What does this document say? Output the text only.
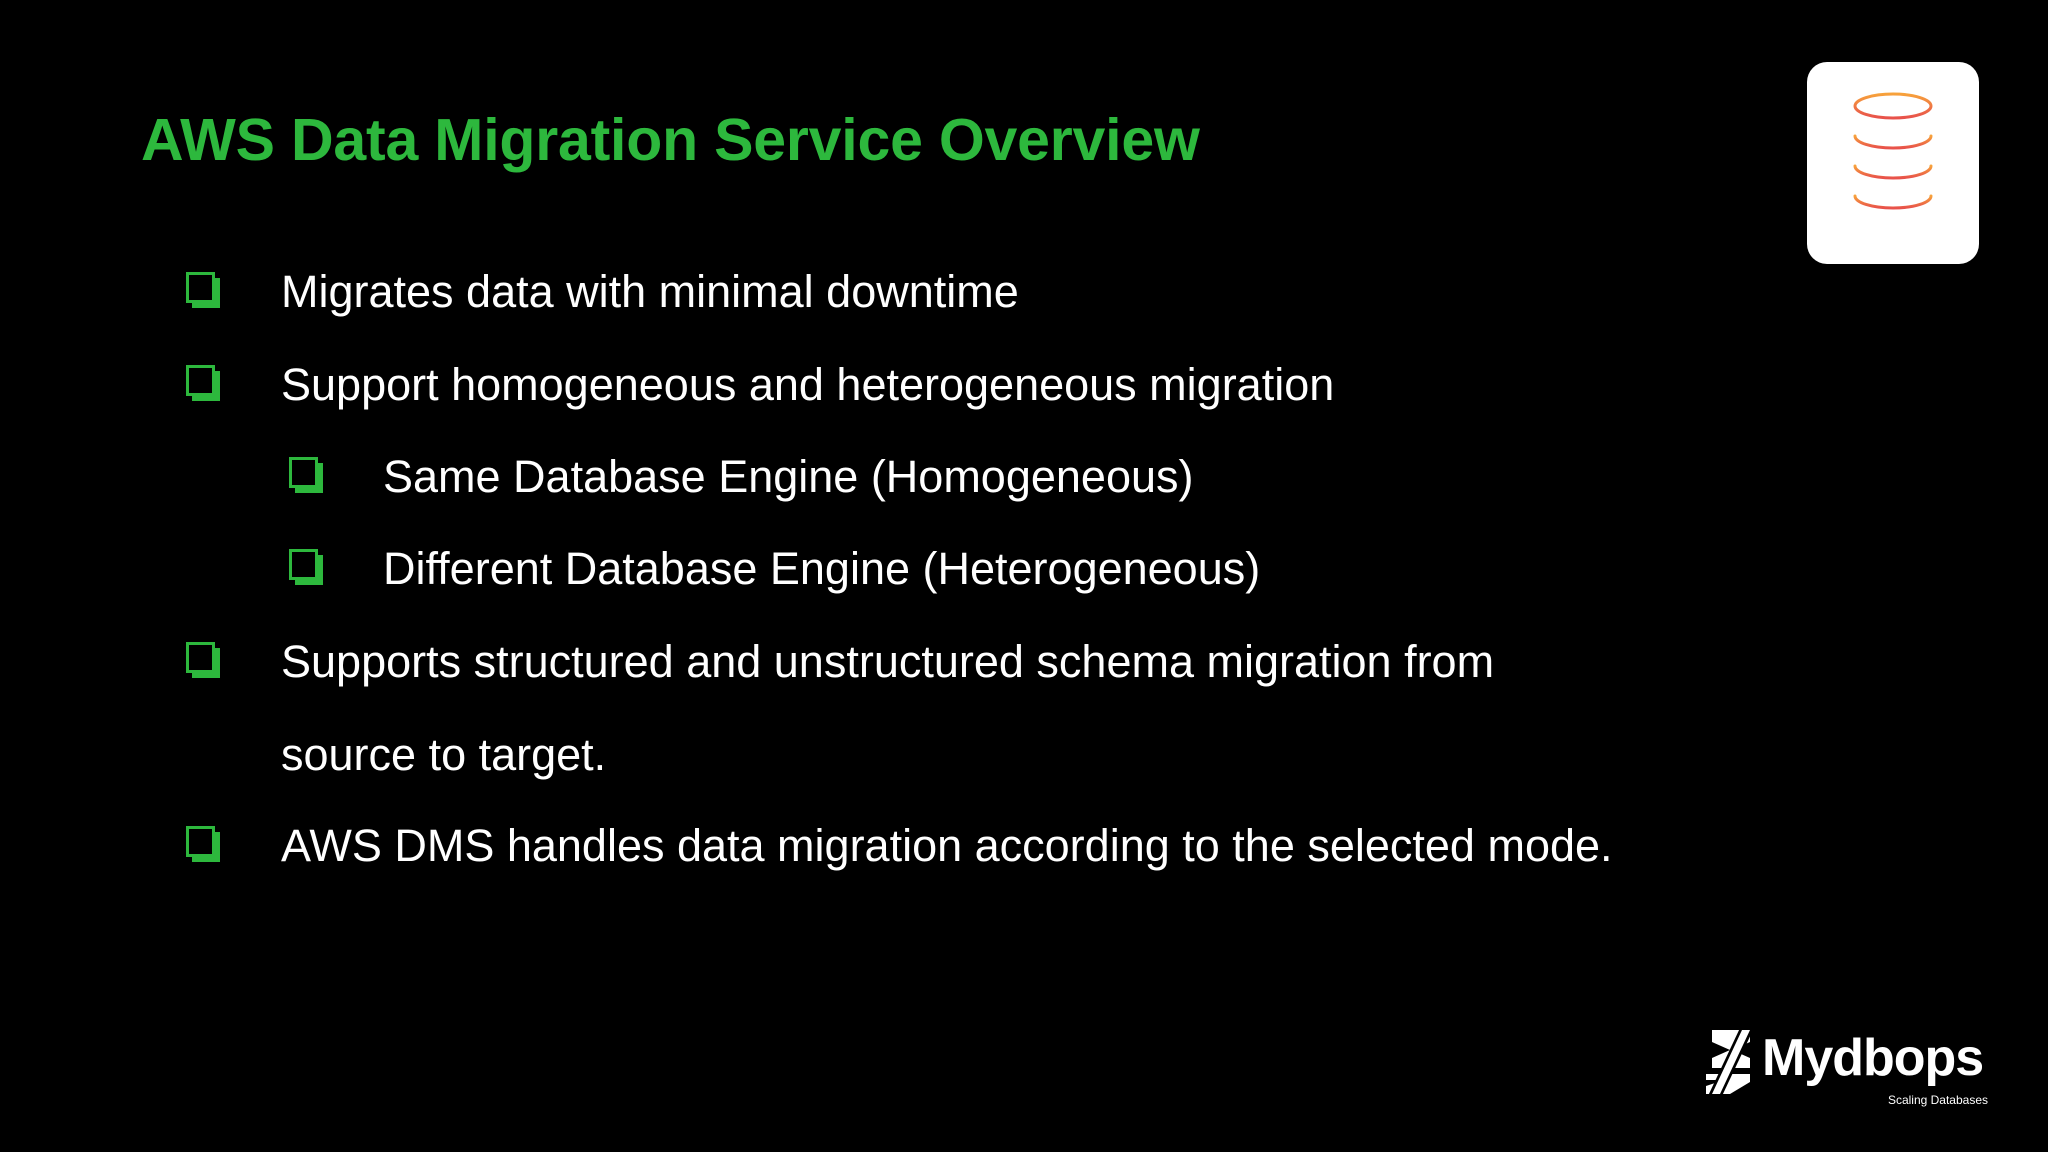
AWS Data Migration Service Overview
Migrates data with minimal downtime
Support homogeneous and heterogeneous migration
Same Database Engine (Homogeneous)
Different Database Engine (Heterogeneous)
Supports structured and unstructured schema migration from
AWS DMS handles data migration according to the selected mode.
source to target.
Mydbops
Scaling Databases
